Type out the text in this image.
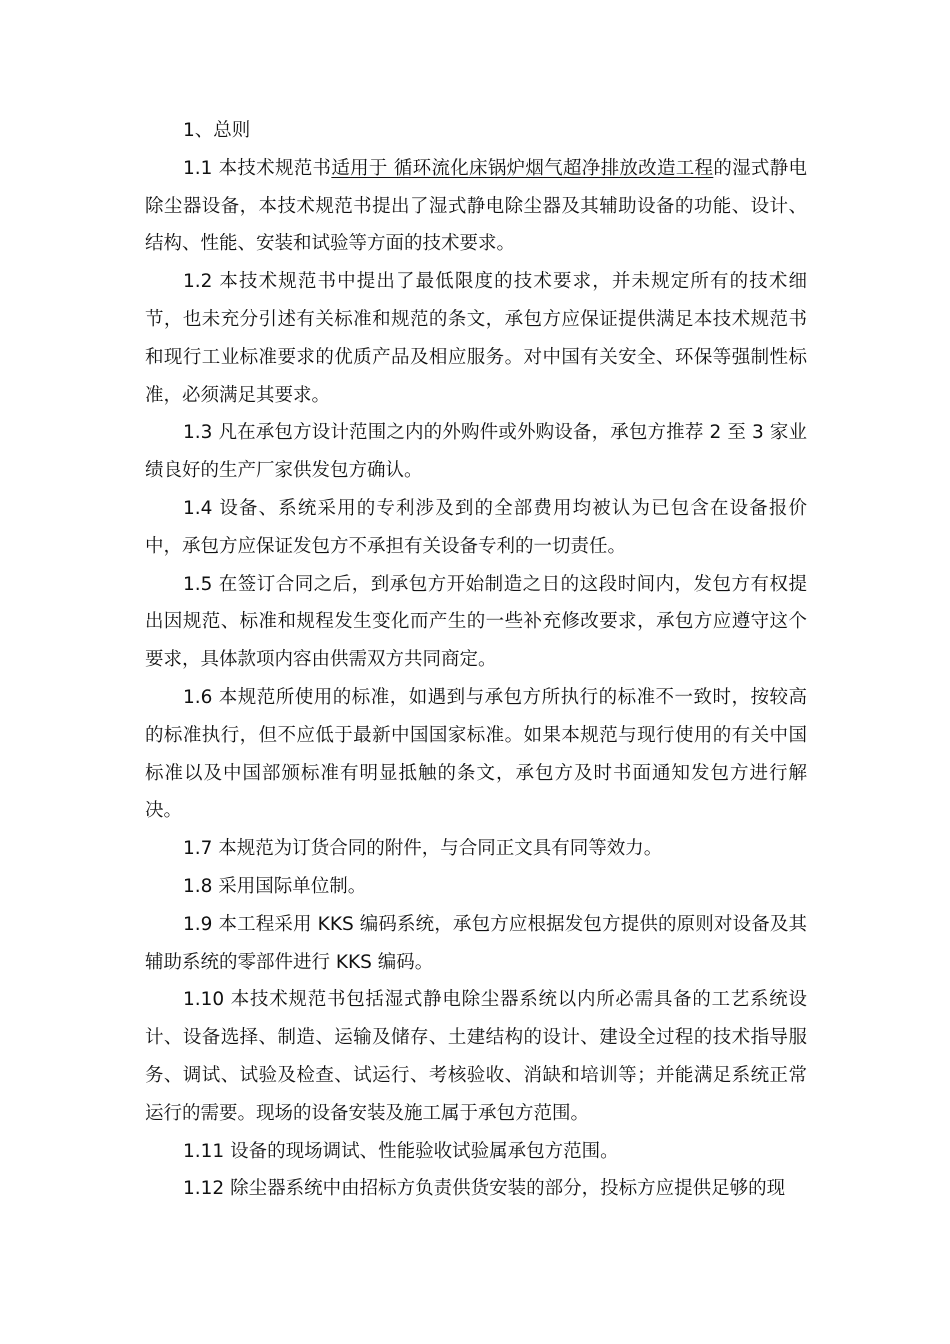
1、总则

1.1 本技术规范书适用于 循环流化床锅炉烟气超净排放改造工程的湿式静电除尘器设备，本技术规范书提出了湿式静电除尘器及其辅助设备的功能、设计、结构、性能、安装和试验等方面的技术要求。

1.2 本技术规范书中提出了最低限度的技术要求，并未规定所有的技术细节，也未充分引述有关标准和规范的条文，承包方应保证提供满足本技术规范书和现行工业标准要求的优质产品及相应服务。对中国有关安全、环保等强制性标准，必须满足其要求。

1.3 凡在承包方设计范围之内的外购件或外购设备，承包方推荐 2 至 3 家业绩良好的生产厂家供发包方确认。

1.4 设备、系统采用的专利涉及到的全部费用均被认为已包含在设备报价中，承包方应保证发包方不承担有关设备专利的一切责任。

1.5 在签订合同之后，到承包方开始制造之日的这段时间内，发包方有权提出因规范、标准和规程发生变化而产生的一些补充修改要求，承包方应遵守这个要求，具体款项内容由供需双方共同商定。

1.6 本规范所使用的标准，如遇到与承包方所执行的标准不一致时，按较高的标准执行，但不应低于最新中国国家标准。如果本规范与现行使用的有关中国标准以及中国部颁标准有明显抵触的条文，承包方及时书面通知发包方进行解决。

1.7 本规范为订货合同的附件，与合同正文具有同等效力。

1.8 采用国际单位制。

1.9 本工程采用 KKS 编码系统，承包方应根据发包方提供的原则对设备及其辅助系统的零部件进行 KKS 编码。

1.10 本技术规范书包括湿式静电除尘器系统以内所必需具备的工艺系统设计、设备选择、制造、运输及储存、土建结构的设计、建设全过程的技术指导服务、调试、试验及检查、试运行、考核验收、消缺和培训等；并能满足系统正常运行的需要。现场的设备安装及施工属于承包方范围。

1.11 设备的现场调试、性能验收试验属承包方范围。

1.12 除尘器系统中由招标方负责供货安装的部分，投标方应提供足够的现
